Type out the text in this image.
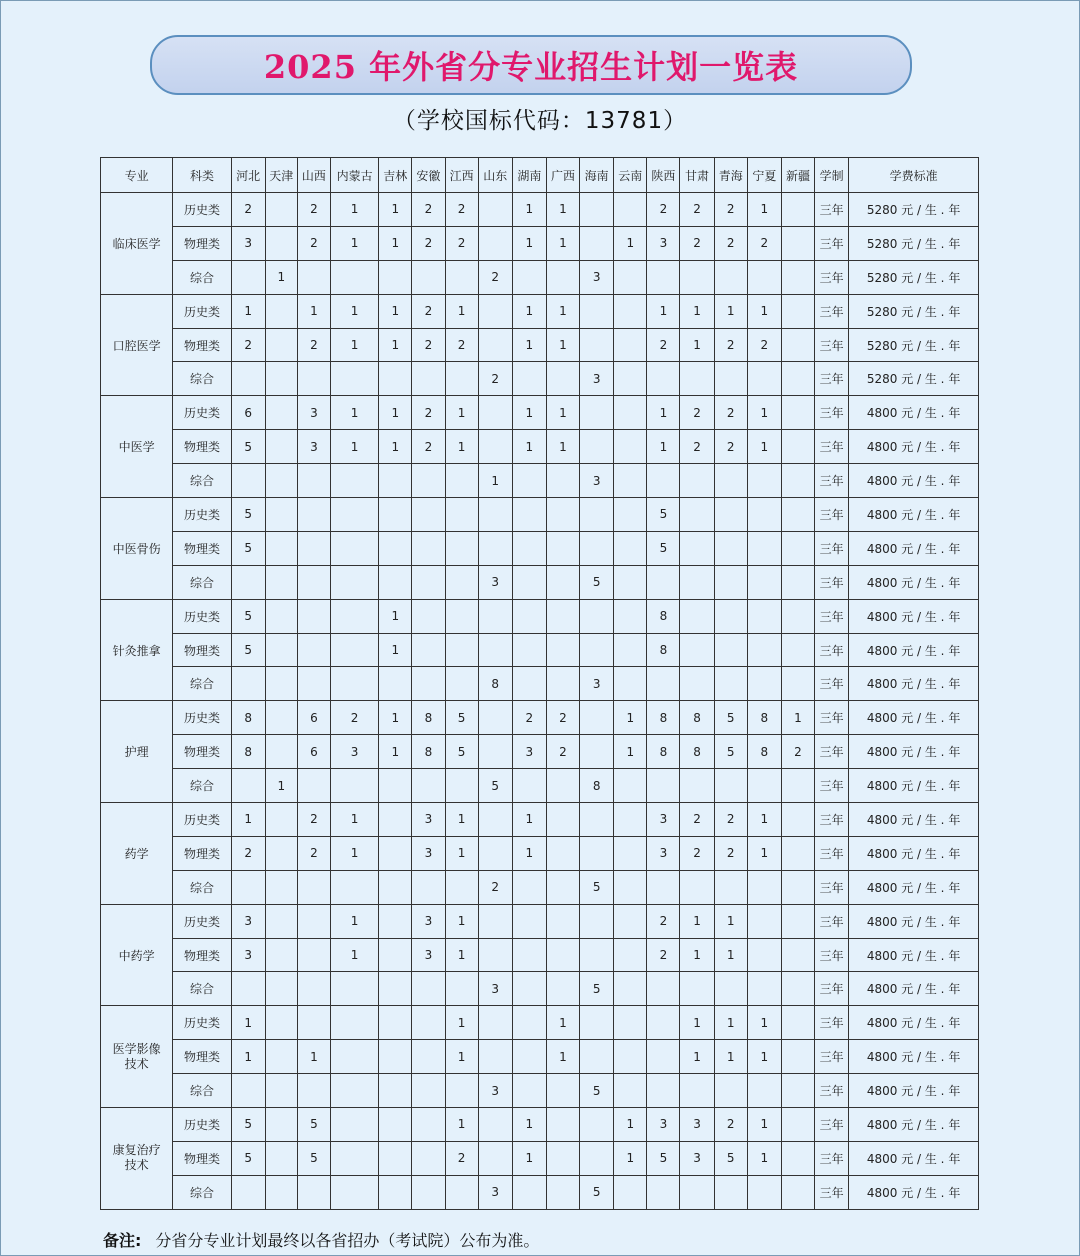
2025 年外省分专业招生计划一览表
（学校国标代码：13781）
专业	科类	河北	天津	山西	内蒙古	吉林	安徽	江西	山东	湖南	广西	海南	云南	陕西	甘肃	青海	宁夏	新疆	学制	学费标准
临床医学	历史类	2		2	1	1	2	2		1	1			2	2	2	1		三年	5280 元 / 生 . 年
	物理类	3		2	1	1	2	2		1	1		1	3	2	2	2		三年	5280 元 / 生 . 年
	综合		1						2			3							三年	5280 元 / 生 . 年
口腔医学	历史类	1		1	1	1	2	1		1	1			1	1	1	1		三年	5280 元 / 生 . 年
	物理类	2		2	1	1	2	2		1	1			2	1	2	2		三年	5280 元 / 生 . 年
	综合								2			3							三年	5280 元 / 生 . 年
中医学	历史类	6		3	1	1	2	1		1	1			1	2	2	1		三年	4800 元 / 生 . 年
	物理类	5		3	1	1	2	1		1	1			1	2	2	1		三年	4800 元 / 生 . 年
	综合								1			3							三年	4800 元 / 生 . 年
中医骨伤	历史类	5												5					三年	4800 元 / 生 . 年
	物理类	5												5					三年	4800 元 / 生 . 年
	综合								3			5							三年	4800 元 / 生 . 年
针灸推拿	历史类	5				1								8					三年	4800 元 / 生 . 年
	物理类	5				1								8					三年	4800 元 / 生 . 年
	综合								8			3							三年	4800 元 / 生 . 年
护理	历史类	8		6	2	1	8	5		2	2		1	8	8	5	8	1	三年	4800 元 / 生 . 年
	物理类	8		6	3	1	8	5		3	2		1	8	8	5	8	2	三年	4800 元 / 生 . 年
	综合		1						5			8							三年	4800 元 / 生 . 年
药学	历史类	1		2	1		3	1		1				3	2	2	1		三年	4800 元 / 生 . 年
	物理类	2		2	1		3	1		1				3	2	2	1		三年	4800 元 / 生 . 年
	综合								2			5							三年	4800 元 / 生 . 年
中药学	历史类	3			1		3	1						2	1	1			三年	4800 元 / 生 . 年
	物理类	3			1		3	1						2	1	1			三年	4800 元 / 生 . 年
	综合								3			5							三年	4800 元 / 生 . 年
医学影像技术	历史类	1						1			1				1	1	1		三年	4800 元 / 生 . 年
	物理类	1		1				1			1				1	1	1		三年	4800 元 / 生 . 年
	综合								3			5							三年	4800 元 / 生 . 年
康复治疗技术	历史类	5		5				1		1			1	3	3	2	1		三年	4800 元 / 生 . 年
	物理类	5		5				2		1			1	5	3	5	1		三年	4800 元 / 生 . 年
	综合								3			5							三年	4800 元 / 生 . 年
备注: 分省分专业计划最终以各省招办（考试院）公布为准。
